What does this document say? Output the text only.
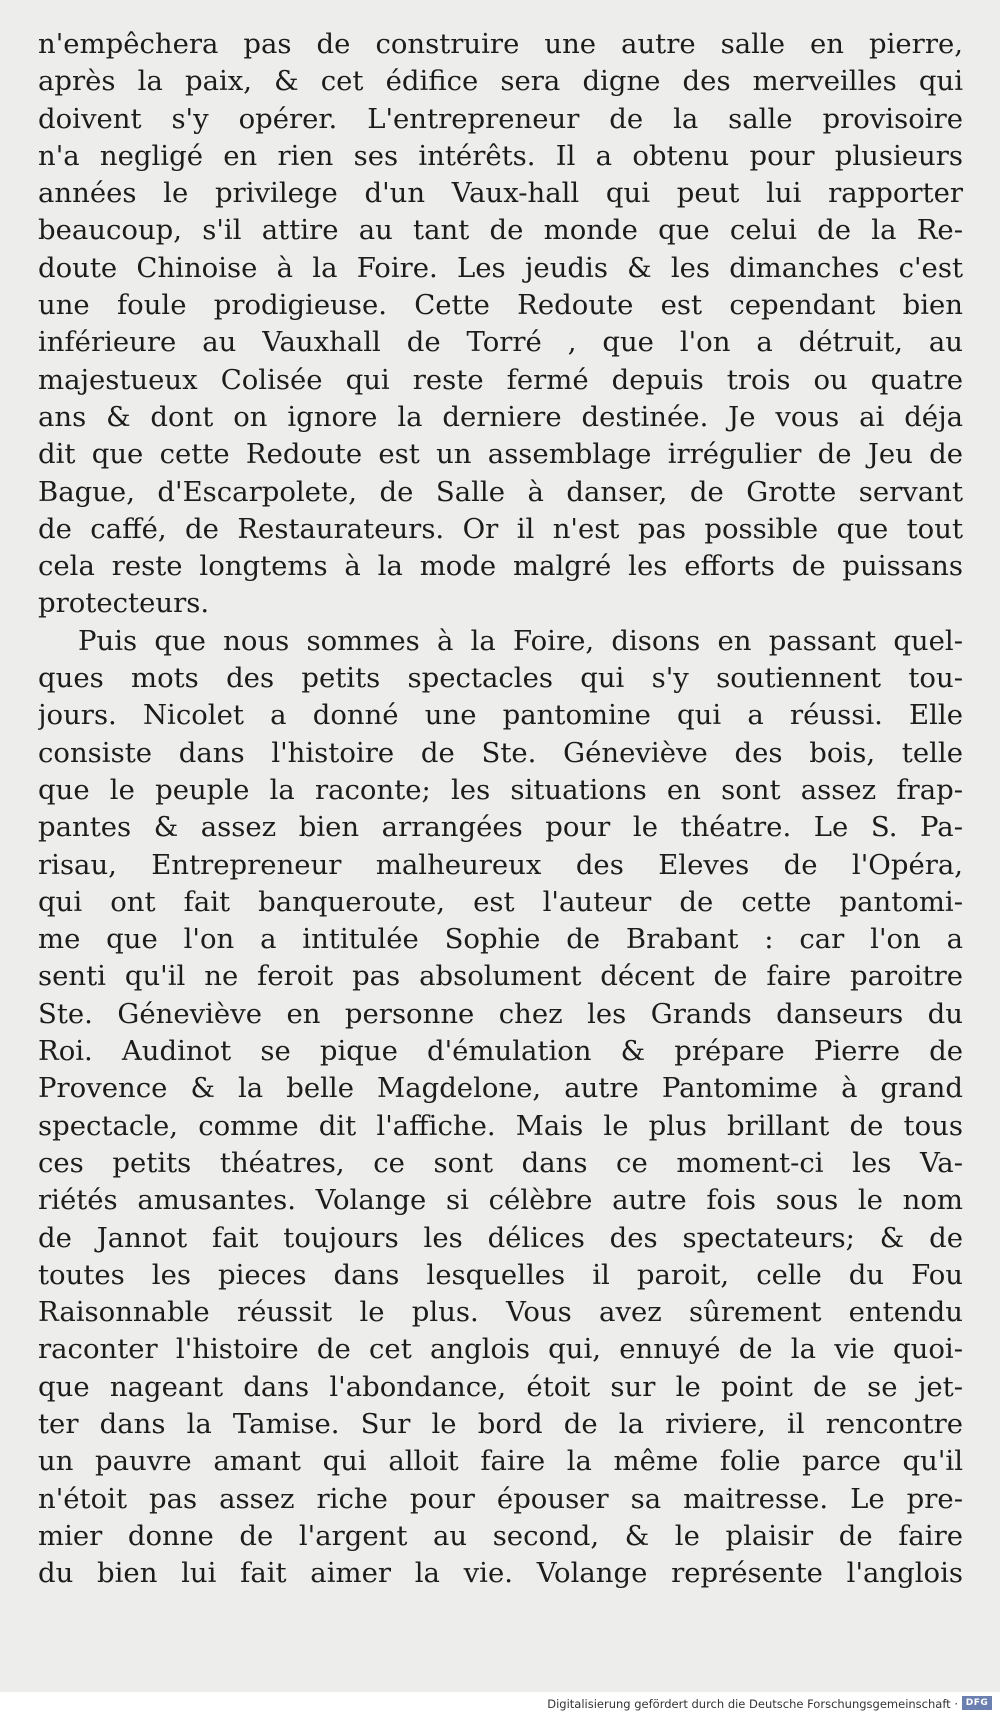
n'empêchera pas de construire une autre salle en pierre,
après la paix, & cet édifice sera digne des merveilles qui
doivent s'y opérer. L'entrepreneur de la salle provisoire
n'a negligé en rien ses intérêts. Il a obtenu pour plusieurs
années le privilege d'un Vaux-hall qui peut lui rapporter
beaucoup, s'il attire au tant de monde que celui de la Re-
doute Chinoise à la Foire. Les jeudis & les dimanches c'est
une foule prodigieuse. Cette Redoute est cependant bien
inférieure au Vauxhall de Torré , que l'on a détruit, au
majestueux Colisée qui reste fermé depuis trois ou quatre
ans & dont on ignore la derniere destinée. Je vous ai déja
dit que cette Redoute est un assemblage irrégulier de Jeu de
Bague, d'Escarpolete, de Salle à danser, de Grotte servant
de caffé, de Restaurateurs. Or il n'est pas possible que tout
cela reste longtems à la mode malgré les efforts de puissans
protecteurs.
Puis que nous sommes à la Foire, disons en passant quel-
ques mots des petits spectacles qui s'y soutiennent tou-
jours. Nicolet a donné une pantomine qui a réussi. Elle
consiste dans l'histoire de Ste. Géneviève des bois, telle
que le peuple la raconte; les situations en sont assez frap-
pantes & assez bien arrangées pour le théatre. Le S. Pa-
risau, Entrepreneur malheureux des Eleves de l'Opéra,
qui ont fait banqueroute, est l'auteur de cette pantomi-
me que l'on a intitulée Sophie de Brabant : car l'on a
senti qu'il ne feroit pas absolument décent de faire paroitre
Ste. Géneviève en personne chez les Grands danseurs du
Roi. Audinot se pique d'émulation & prépare Pierre de
Provence & la belle Magdelone, autre Pantomime à grand
spectacle, comme dit l'affiche. Mais le plus brillant de tous
ces petits théatres, ce sont dans ce moment-ci les Va-
riétés amusantes. Volange si célèbre autre fois sous le nom
de Jannot fait toujours les délices des spectateurs; & de
toutes les pieces dans lesquelles il paroit, celle du Fou
Raisonnable réussit le plus. Vous avez sûrement entendu
raconter l'histoire de cet anglois qui, ennuyé de la vie quoi-
que nageant dans l'abondance, étoit sur le point de se jet-
ter dans la Tamise. Sur le bord de la riviere, il rencontre
un pauvre amant qui alloit faire la même folie parce qu'il
n'étoit pas assez riche pour épouser sa maitresse. Le pre-
mier donne de l'argent au second, & le plaisir de faire
du bien lui fait aimer la vie. Volange représente l'anglois
Digitalisierung gefördert durch die Deutsche Forschungsgemeinschaft · DFG
